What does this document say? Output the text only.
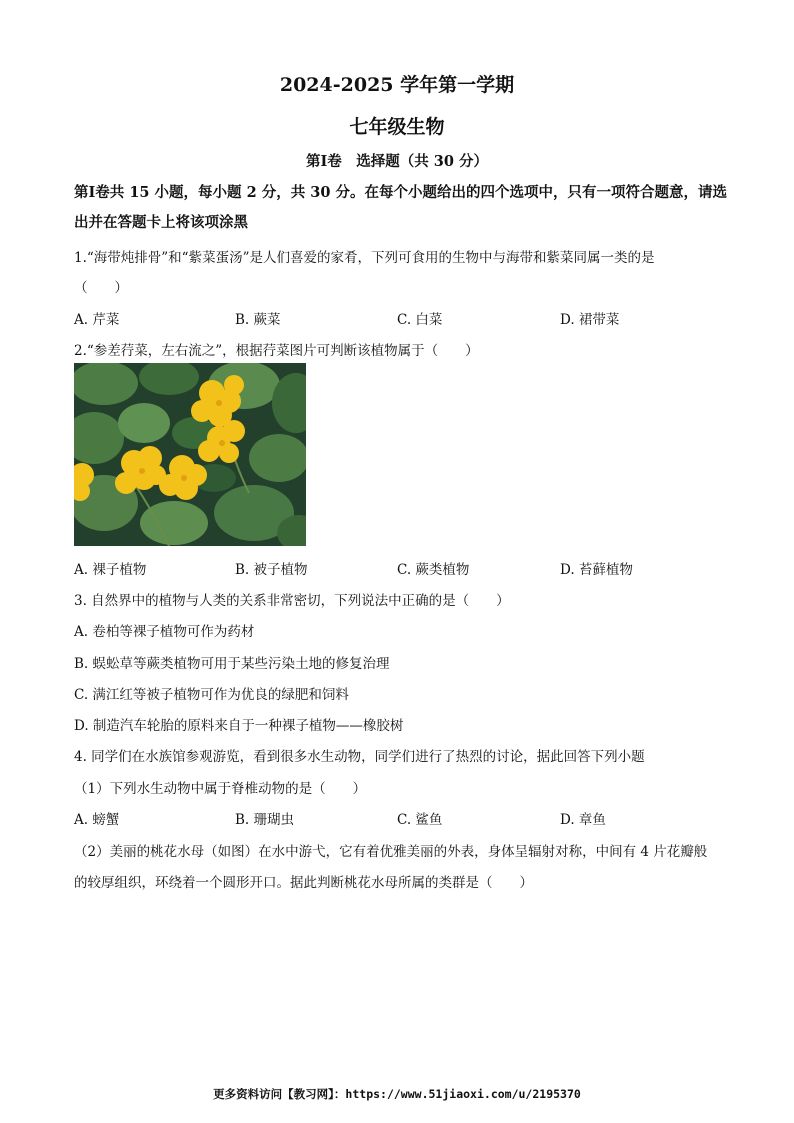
2024-2025 学年第一学期
七年级生物
第Ⅰ卷　选择题（共 30 分）
第Ⅰ卷共 15 小题，每小题 2 分，共 30 分。在每个小题给出的四个选项中，只有一项符合题意，请选出并在答题卡上将该项涂黑
1.“海带炖排骨”和“紫菜蛋汤”是人们喜爱的家肴，下列可食用的生物中与海带和紫菜同属一类的是
（　　）
A. 芹菜	B. 蕨菜	C. 白菜	D. 裙带菜
2.“参差荇菜，左右流之”，根据荇菜图片可判断该植物属于（　　）
A. 裸子植物	B. 被子植物	C. 蕨类植物	D. 苔藓植物
3. 自然界中的植物与人类的关系非常密切，下列说法中正确的是（　　）
A. 卷柏等裸子植物可作为药材
B. 蜈蚣草等蕨类植物可用于某些污染土地的修复治理
C. 满江红等被子植物可作为优良的绿肥和饲料
D. 制造汽车轮胎的原料来自于一种裸子植物——橡胶树
4. 同学们在水族馆参观游览，看到很多水生动物，同学们进行了热烈的讨论，据此回答下列小题
（1）下列水生动物中属于脊椎动物的是（　　）
A. 螃蟹	B. 珊瑚虫	C. 鲨鱼	D. 章鱼
（2）美丽的桃花水母（如图）在水中游弋，它有着优雅美丽的外表，身体呈辐射对称，中间有 4 片花瓣般
的较厚组织，环绕着一个圆形开口。据此判断桃花水母所属的类群是（　　）
更多资料访问【教习网】：https://www.51jiaoxi.com/u/2195370
